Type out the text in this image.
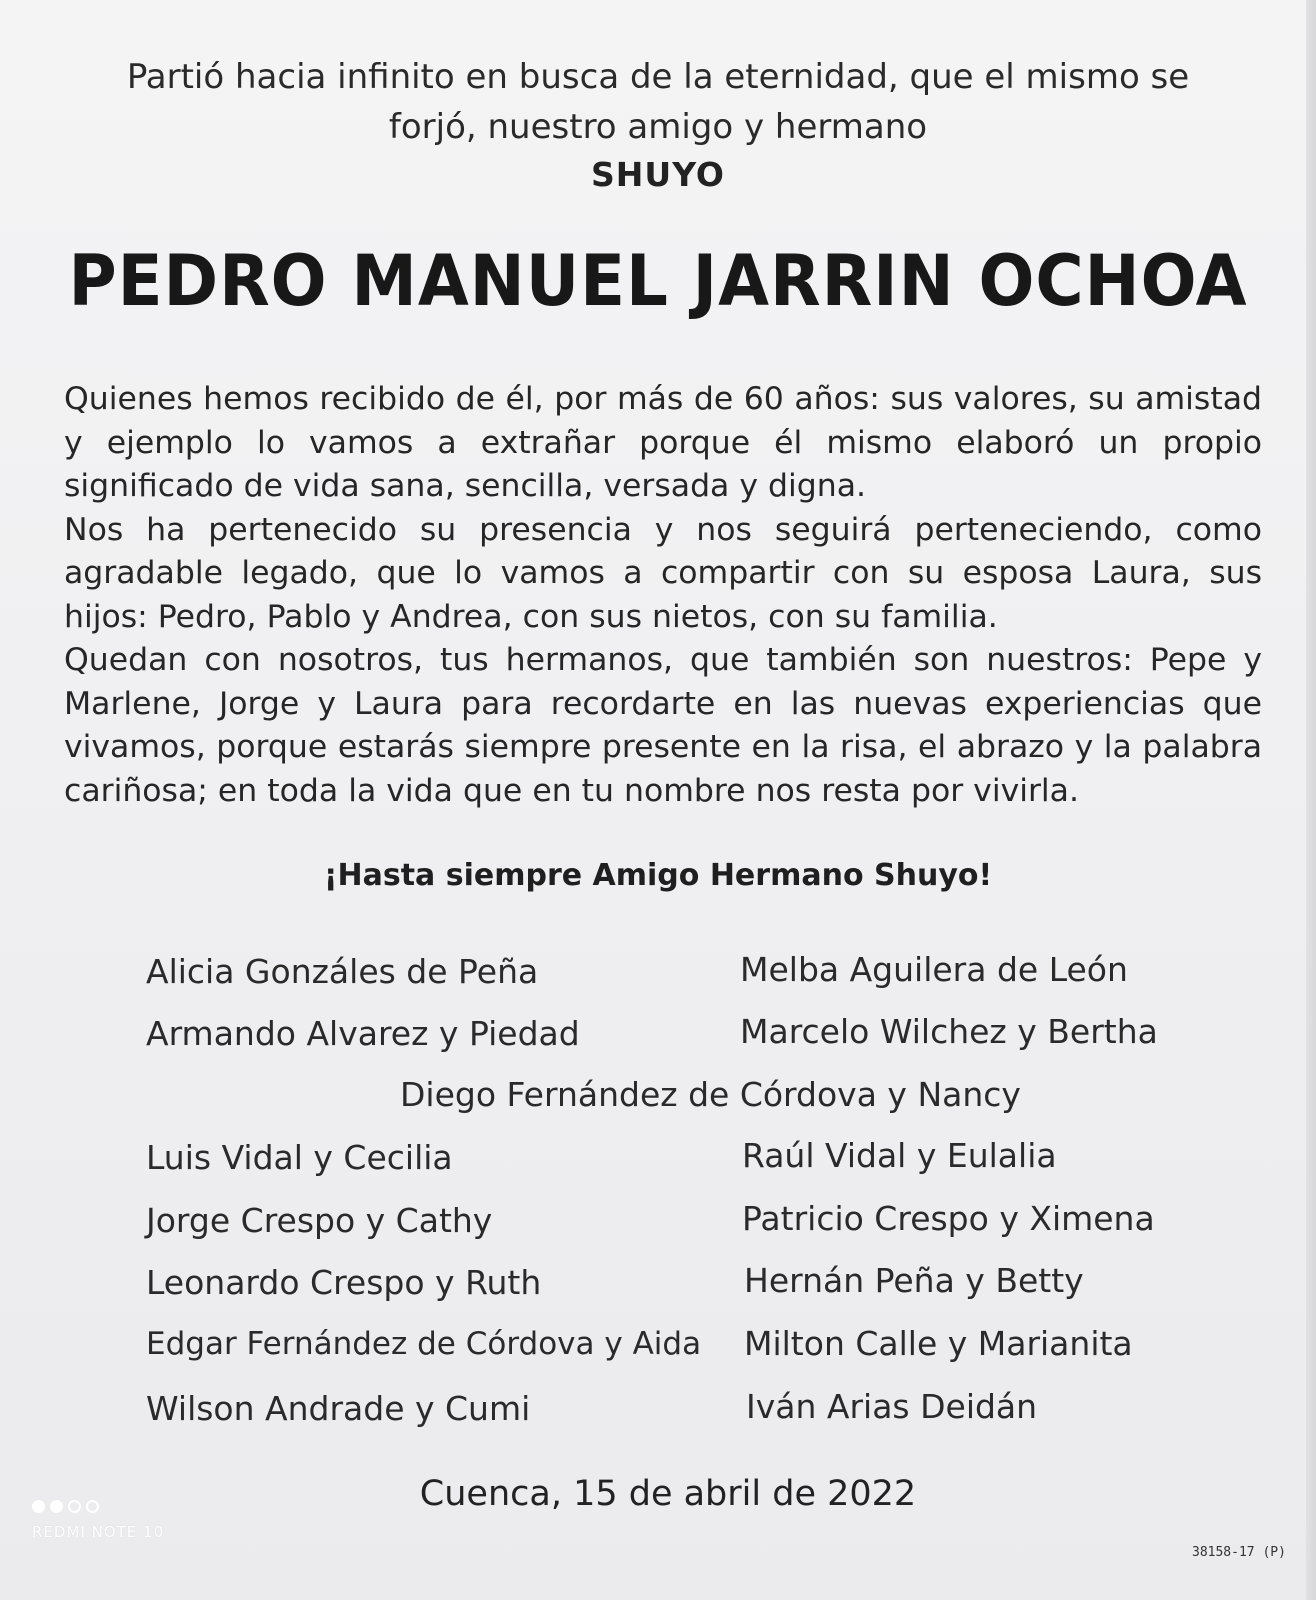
Partió hacia infinito en busca de la eternidad, que el mismo se
forjó, nuestro amigo y hermano
SHUYO
PEDRO MANUEL JARRIN OCHOA

Quienes hemos recibido de él, por más de 60 años: sus valores, su amistad y ejemplo lo vamos a extrañar porque él mismo elaboró un propio significado de vida sana, sencilla, versada y digna.

Nos ha pertenecido su presencia y nos seguirá perteneciendo, como agradable legado, que lo vamos a compartir con su esposa Laura, sus hijos: Pedro, Pablo y Andrea, con sus nietos, con su familia.

Quedan con nosotros, tus hermanos, que también son nuestros: Pepe y Marlene, Jorge y Laura para recordarte en las nuevas experiencias que vivamos, porque estarás siempre presente en la risa, el abrazo y la palabra cariñosa; en toda la vida que en tu nombre nos resta por vivirla.

¡Hasta siempre Amigo Hermano Shuyo!
Alicia Gonzáles de Peña
Armando Alvarez y Piedad
Luis Vidal y Cecilia
Jorge Crespo y Cathy
Leonardo Crespo y Ruth
Edgar Fernández de Córdova y Aida
Wilson Andrade y Cumi
Melba Aguilera de León
Marcelo Wilchez y Bertha
Raúl Vidal y Eulalia
Patricio Crespo y Ximena
Hernán Peña y Betty
Milton Calle y Marianita
Iván Arias Deidán
Diego Fernández de Córdova y Nancy
Cuenca, 15 de abril de 2022
38158-17 (P)
REDMI NOTE 10
